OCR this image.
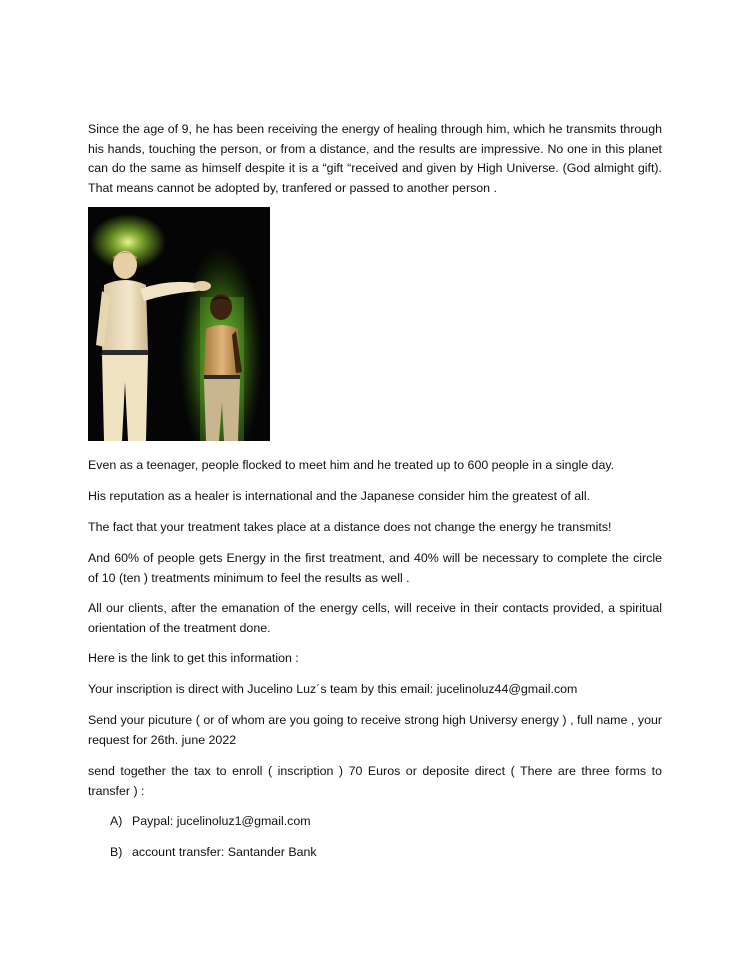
Since the age of 9, he has been receiving the energy of healing through him, which he transmits through his hands, touching the person, or from a distance, and the results are impressive. No one in this planet can do the same as himself despite it is a “gift “received and given by High Universe. (God almight gift). That means cannot be adopted by, tranfered or passed to another person .

Even as a teenager, people flocked to meet him and he treated up to 600 people in a single day.

His reputation as a healer is international and the Japanese consider him the greatest of all.

The fact that your treatment takes place at a distance does not change the energy he transmits!

And 60% of people gets Energy in the first treatment, and 40% will be necessary to complete the circle of 10 (ten ) treatments minimum to feel the results as well .

All our clients, after the emanation of the energy cells, will receive in their contacts provided, a spiritual orientation of the treatment done.

Here is the link to get this information :

Your inscription is direct with Jucelino Luz´s team by this email: jucelinoluz44@gmail.com

Send your picuture ( or of whom are you going to receive strong high Universy energy ) , full name , your request for 26th. june 2022

send together the tax to enroll ( inscription ) 70 Euros or deposite direct ( There are three forms to transfer ) :

A) Paypal: jucelinoluz1@gmail.com
B) account transfer: Santander Bank
